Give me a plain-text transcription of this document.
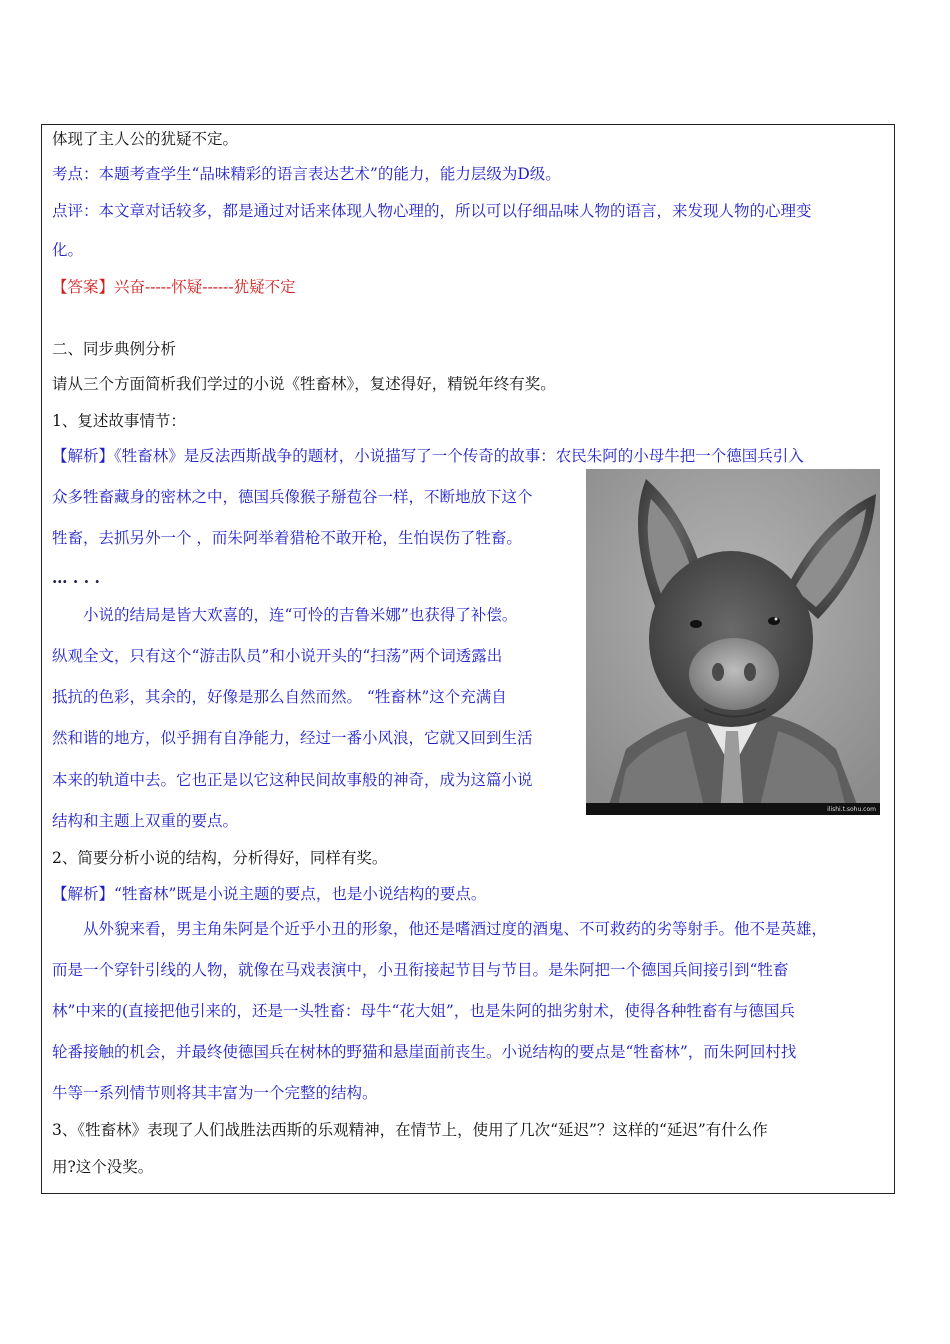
体现了主人公的犹疑不定。
考点：本题考查学生“品味精彩的语言表达艺术”的能力，能力层级为D级。
点评：本文章对话较多，都是通过对话来体现人物心理的，所以可以仔细品味人物的语言，来发现人物的心理变
化。
【答案】兴奋-----怀疑------犹疑不定
二、同步典例分析
请从三个方面简析我们学过的小说《牲畜林》，复述得好，精锐年终有奖。
1、复述故事情节：
【解析】《牲畜林》是反法西斯战争的题材，小说描写了一个传奇的故事：农民朱阿的小母牛把一个德国兵引入
众多牲畜藏身的密林之中，德国兵像猴子掰苞谷一样，不断地放下这个
牲畜，去抓另外一个 ，而朱阿举着猎枪不敢开枪，生怕误伤了牲畜。
… . . .
小说的结局是皆大欢喜的，连“可怜的吉鲁米娜”也获得了补偿。
纵观全文，只有这个“游击队员”和小说开头的“扫荡”两个词透露出
抵抗的色彩，其余的，好像是那么自然而然。 “牲畜林”这个充满自
然和谐的地方，似乎拥有自净能力，经过一番小风浪，它就又回到生活
本来的轨道中去。它也正是以它这种民间故事般的神奇，成为这篇小说
结构和主题上双重的要点。
2、简要分析小说的结构，分析得好，同样有奖。
【解析】“牲畜林”既是小说主题的要点，也是小说结构的要点。
从外貌来看，男主角朱阿是个近乎小丑的形象，他还是嗜酒过度的酒鬼、不可救药的劣等射手。他不是英雄，
而是一个穿针引线的人物，就像在马戏表演中，小丑衔接起节目与节目。是朱阿把一个德国兵间接引到“牲畜
林”中来的(直接把他引来的，还是一头牲畜：母牛“花大姐”，也是朱阿的拙劣射术，使得各种牲畜有与德国兵
轮番接触的机会，并最终使德国兵在树林的野猫和悬崖面前丧生。小说结构的要点是“牲畜林”，而朱阿回村找
牛等一系列情节则将其丰富为一个完整的结构。
3、《牲畜林》表现了人们战胜法西斯的乐观精神，在情节上，使用了几次“延迟”？这样的“延迟”有什么作
用?这个没奖。
ilishi.t.sohu.com
